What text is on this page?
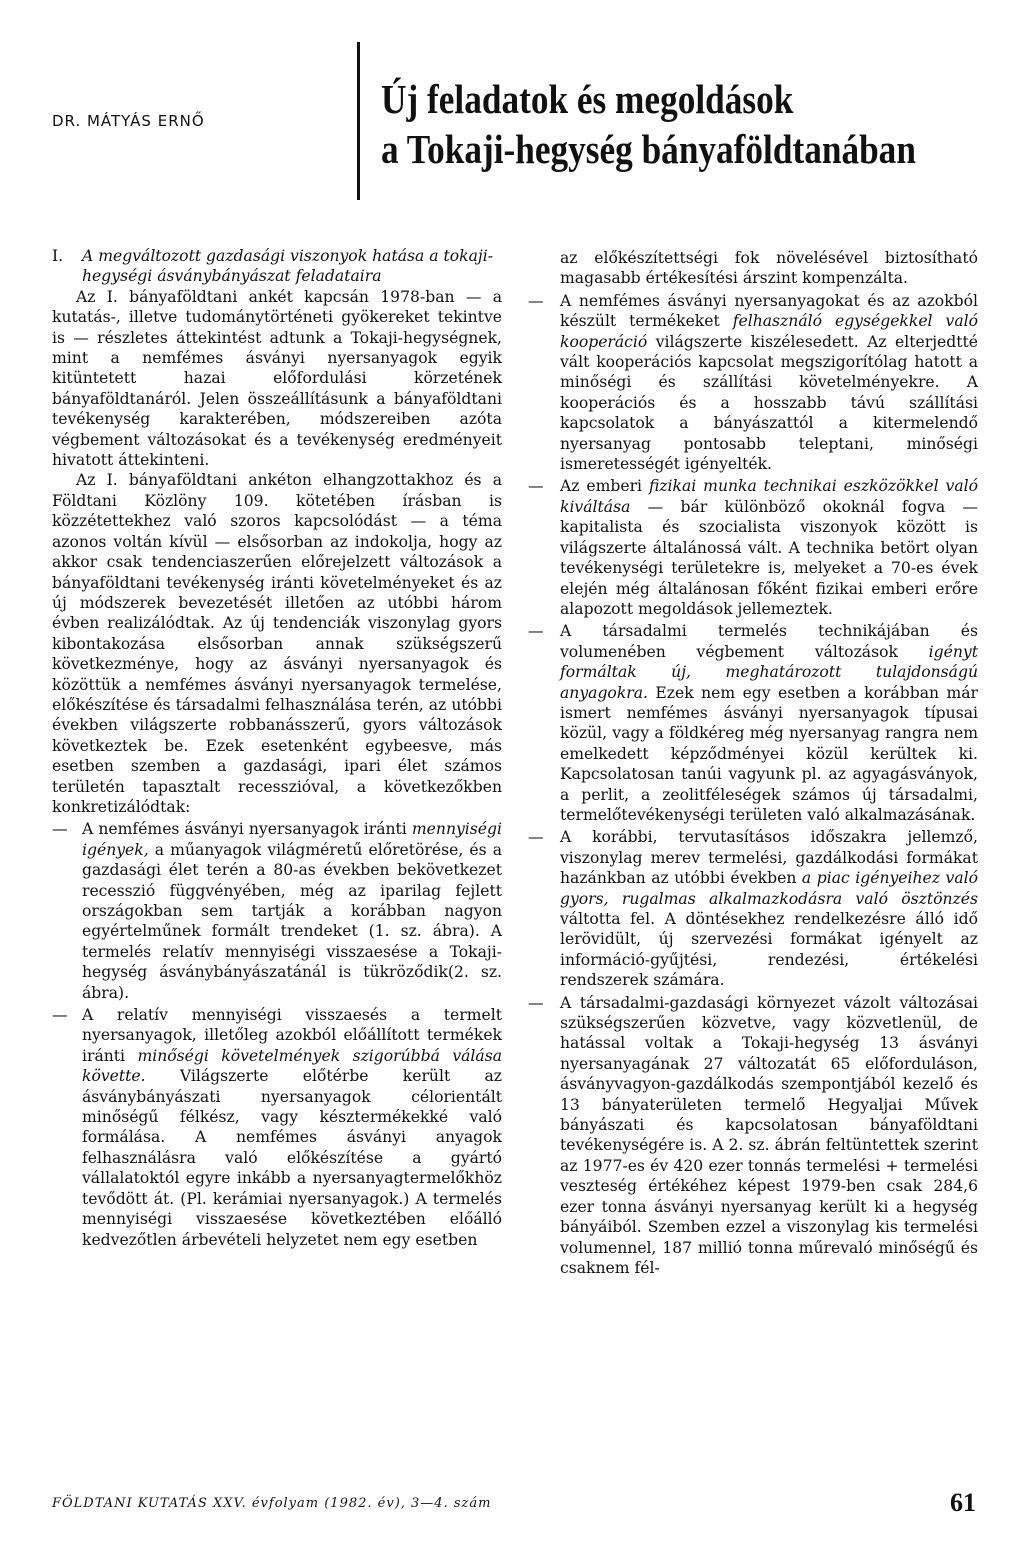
DR. MÁTYÁS ERNŐ	Új feladatok és megoldások
a Tokaji-hegység bányaföldtanában

I. A megváltozott gazdasági viszonyok hatása a tokaji-hegységi ásványbányászat feladataira

Az I. bányaföldtani ankét kapcsán 1978-ban — a kutatás-, illetve tudománytörténeti gyökereket tekintve is — részletes áttekintést adtunk a Tokaji-hegységnek, mint a nemfémes ásványi nyersanyagok egyik kitüntetett hazai előfordulási körzetének bányaföldtanáról. Jelen összeállításunk a bányaföldtani tevékenység karakterében, módszereiben azóta végbement változásokat és a tevékenység eredményeit hivatott áttekinteni.

Az I. bányaföldtani ankéton elhangzottakhoz és a Földtani Közlöny 109. kötetében írásban is közzétettekhez való szoros kapcsolódást — a téma azonos voltán kívül — elsősorban az indokolja, hogy az akkor csak tendenciaszerűen előrejelzett változások a bányaföldtani tevékenység iránti követelményeket és az új módszerek bevezetését illetően az utóbbi három évben realizálódtak. Az új tendenciák viszonylag gyors kibontakozása elsősorban annak szükségszerű következménye, hogy az ásványi nyersanyagok és közöttük a nemfémes ásványi nyersanyagok termelése, előkészítése és társadalmi felhasználása terén, az utóbbi években világszerte robbanásszerű, gyors változások következtek be. Ezek esetenként egybeesve, más esetben szemben a gazdasági, ipari élet számos területén tapasztalt recesszióval, a következőkben konkretizálódtak:

— A nemfémes ásványi nyersanyagok iránti mennyiségi igények, a műanyagok világméretű előretörése, és a gazdasági élet terén a 80-as években bekövetkezet recesszió függvényében, még az iparilag fejlett országokban sem tartják a korábban nagyon egyértelműnek formált trendeket (1. sz. ábra). A termelés relatív mennyiségi visszaesése a Tokaji-hegység ásványbányászatánál is tükröződik(2. sz. ábra).

— A relatív mennyiségi visszaesés a termelt nyersanyagok, illetőleg azokból előállított termékek iránti minőségi követelmények szigorúbbá válása követte. Világszerte előtérbe került az ásványbányászati nyersanyagok célorientált minőségű félkész, vagy késztermékekké való formálása. A nemfémes ásványi anyagok felhasználásra való előkészítése a gyártó vállalatoktól egyre inkább a nyersanyagtermelőkhöz tevődött át. (Pl. kerámiai nyersanyagok.) A termelés mennyiségi visszaesése következtében előálló kedvezőtlen árbevételi helyzetet nem egy esetben

az előkészítettségi fok növelésével biztosítható magasabb értékesítési árszint kompenzálta.

— A nemfémes ásványi nyersanyagokat és az azokból készült termékeket felhasználó egységekkel való kooperáció világszerte kiszélesedett. Az elterjedtté vált kooperációs kapcsolat megszigorítólag hatott a minőségi és szállítási követelményekre. A kooperációs és a hosszabb távú szállítási kapcsolatok a bányászattól a kitermelendő nyersanyag pontosabb teleptani, minőségi ismeretességét igényelték.

— Az emberi fizikai munka technikai eszközökkel való kiváltása — bár különböző okoknál fogva — kapitalista és szocialista viszonyok között is világszerte általánossá vált. A technika betört olyan tevékenységi területekre is, melyeket a 70-es évek elején még általánosan főként fizikai emberi erőre alapozott megoldások jellemeztek.

— A társadalmi termelés technikájában és volumenében végbement változások igényt formáltak új, meghatározott tulajdonságú anyagokra. Ezek nem egy esetben a korábban már ismert nemfémes ásványi nyersanyagok típusai közül, vagy a földkéreg még nyersanyag rangra nem emelkedett képződményei közül kerültek ki. Kapcsolatosan tanúi vagyunk pl. az agyagásványok, a perlit, a zeolitféleségek számos új társadalmi, termelőtevékenységi területen való alkalmazásának.

— A korábbi, tervutasításos időszakra jellemző, viszonylag merev termelési, gazdálkodási formákat hazánkban az utóbbi években a piac igényeihez való gyors, rugalmas alkalmazkodásra való ösztönzés váltotta fel. A döntésekhez rendelkezésre álló idő lerövidült, új szervezési formákat igényelt az információ-gyűjtési, rendezési, értékelési rendszerek számára.

— A társadalmi-gazdasági környezet vázolt változásai szükségszerűen közvetve, vagy közvetlenül, de hatással voltak a Tokaji-hegység 13 ásványi nyersanyagának 27 változatát 65 előforduláson, ásványvagyon-gazdálkodás szempontjából kezelő és 13 bányaterületen termelő Hegyaljai Művek bányászati és kapcsolatosan bányaföldtani tevékenységére is. A 2. sz. ábrán feltüntettek szerint az 1977-es év 420 ezer tonnás termelési + termelési veszteség értékéhez képest 1979-ben csak 284,6 ezer tonna ásványi nyersanyag került ki a hegység bányáiból. Szemben ezzel a viszonylag kis termelési volumennel, 187 millió tonna műrevaló minőségű és csaknem fél-

FÖLDTANI KUTATÁS XXV. évfolyam (1982. év), 3—4. szám	61
